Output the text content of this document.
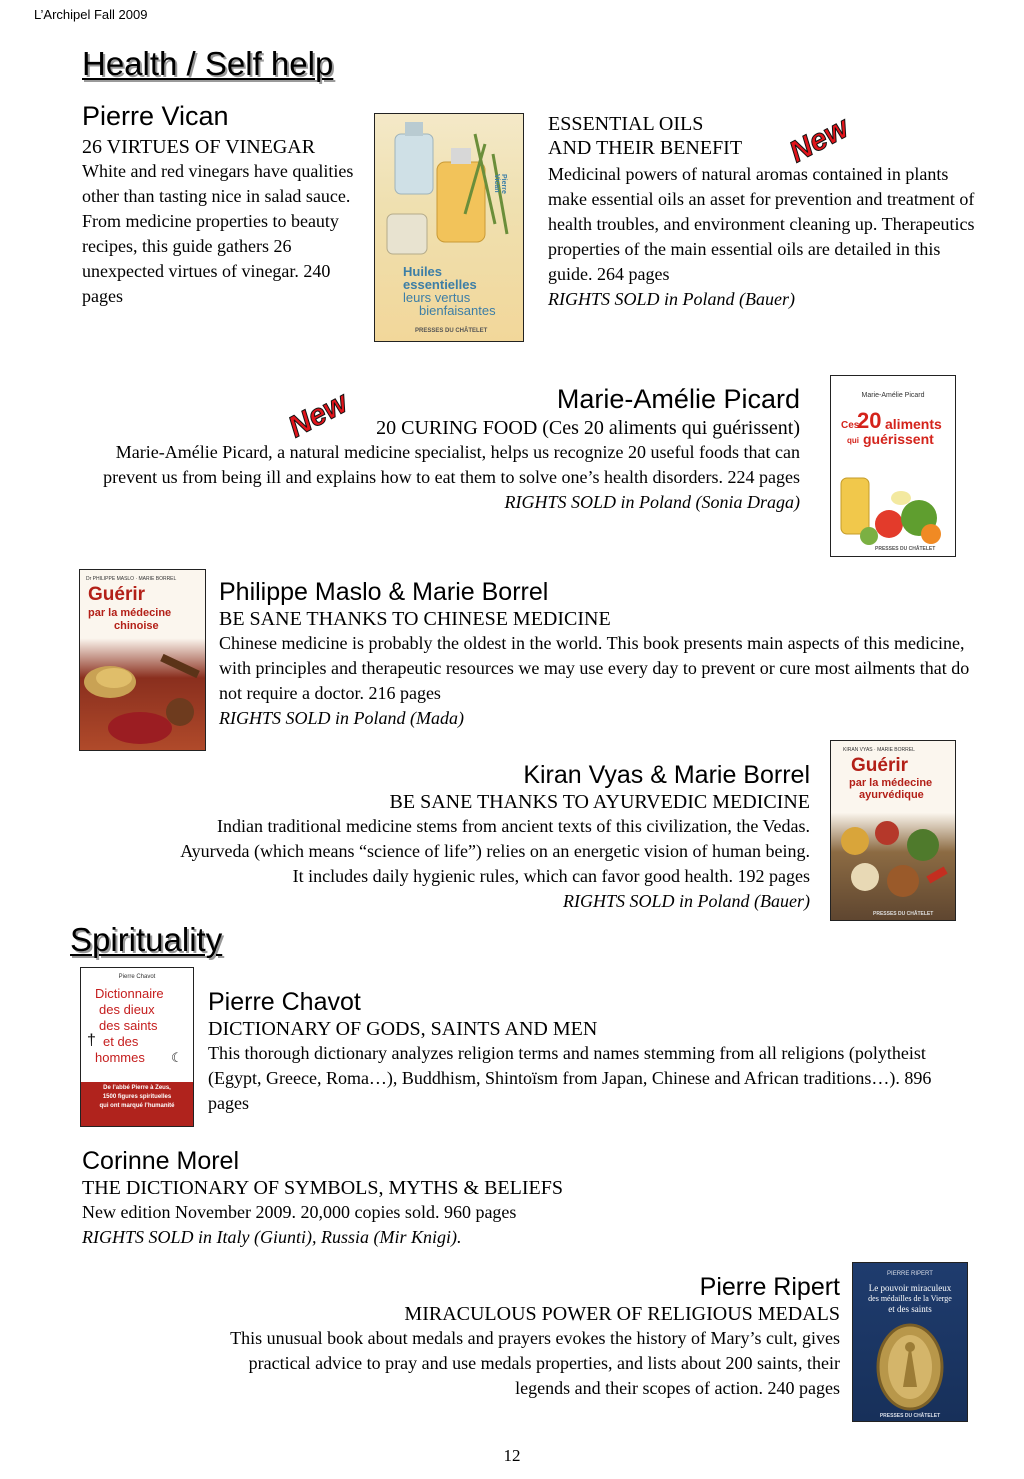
L’Archipel Fall 2009
Health / Self help
Pierre Vican
26 VIRTUES OF VINEGAR
White and red vinegars have qualities other than tasting nice in salad sauce. From medicine properties to beauty recipes, this guide gathers 26 unexpected virtues of vinegar. 240 pages
Huiles
essentielles
leurs vertus
bienfaisantes
PRESSES DU CHÂTELET
Pierre Vican
ESSENTIAL OILS
AND THEIR BENEFIT
Medicinal powers of natural aromas contained in plants make essential oils an asset for prevention and treatment of health troubles, and environment cleaning up. Therapeutics properties of the main essential oils are detailed in this guide. 264 pages
RIGHTS SOLD in Poland (Bauer)
New
New	Marie-Amélie Picard
20 CURING FOOD (Ces 20 aliments qui guérissent)
Marie-Amélie Picard, a natural medicine specialist, helps us recognize 20 useful foods that can prevent us from being ill and explains how to eat them to solve one’s health disorders. 224 pages
RIGHTS SOLD in Poland (Sonia Draga)
Marie-Amélie Picard
Ces
20 aliments
qui guérissent
PRESSES DU CHÂTELET
Dr PHILIPPE MASLO · MARIE BORREL
Guérir
par la médecine
chinoise
Philippe Maslo & Marie Borrel
BE SANE THANKS TO CHINESE MEDICINE
Chinese medicine is probably the oldest in the world. This book presents main aspects of this medicine, with principles and therapeutic resources we may use every day to prevent or cure most ailments that do not require a doctor. 216 pages
RIGHTS SOLD in Poland (Mada)
Kiran Vyas & Marie Borrel
BE SANE THANKS TO AYURVEDIC MEDICINE
Indian traditional medicine stems from ancient texts of this civilization, the Vedas.
Ayurveda (which means “science of life”) relies on an energetic vision of human being.
It includes daily hygienic rules, which can favor good health. 192 pages
RIGHTS SOLD in Poland (Bauer)
KIRAN VYAS · MARIE BORREL
Guérir
par la médecine
ayurvédique
PRESSES DU CHÂTELET
Spirituality
Pierre Chavot
Dictionnaire
des dieux
des saints
† et des
hommes ☾
De l’abbé Pierre à Zeus,
1500 figures spirituelles
qui ont marqué l’humanité
Pierre Chavot
DICTIONARY OF GODS, SAINTS AND MEN
This thorough dictionary analyzes religion terms and names stemming from all religions (polytheist (Egypt, Greece, Roma…), Buddhism, Shintoïsm from Japan, Chinese and African traditions…). 896 pages
Corinne Morel
THE DICTIONARY OF SYMBOLS, MYTHS & BELIEFS
New edition November 2009. 20,000 copies sold. 960 pages
RIGHTS SOLD in Italy (Giunti), Russia (Mir Knigi).
Pierre Ripert
MIRACULOUS POWER OF RELIGIOUS MEDALS
This unusual book about medals and prayers evokes the history of Mary’s cult, gives
practical advice to pray and use medals properties, and lists about 200 saints, their
legends and their scopes of action. 240 pages
PIERRE RIPERT
Le pouvoir miraculeux
des médailles de la Vierge
et des saints
PRESSES DU CHÂTELET
12
